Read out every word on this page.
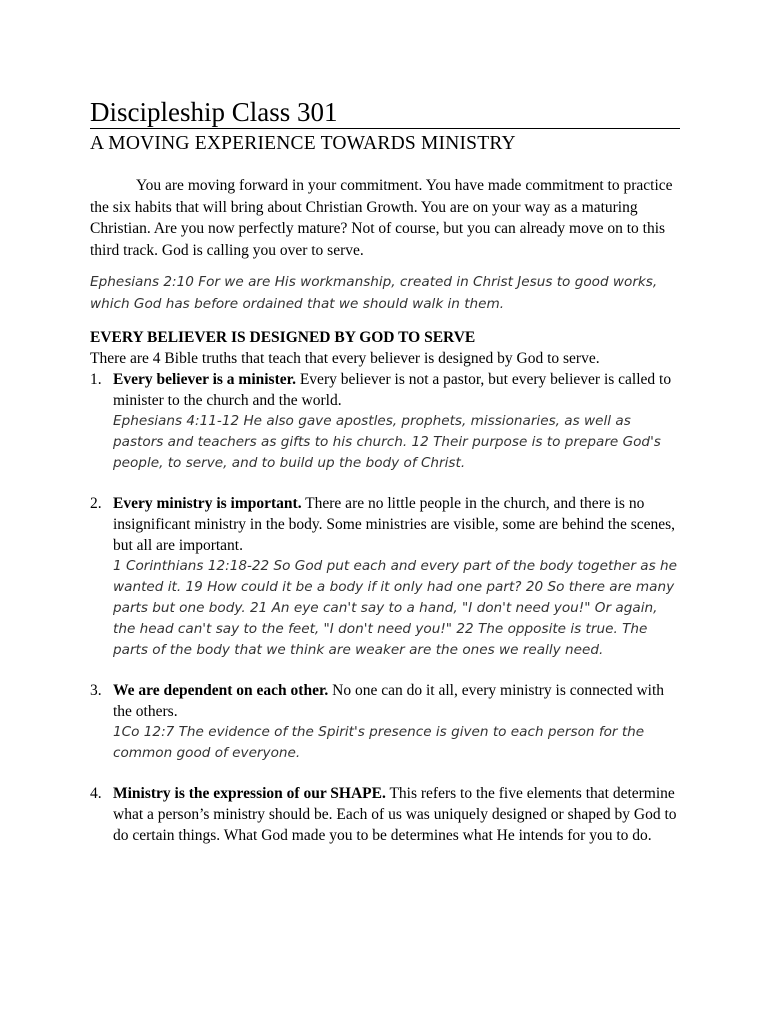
Discipleship Class 301
A MOVING EXPERIENCE TOWARDS MINISTRY

You are moving forward in your commitment. You have made commitment to practice the six habits that will bring about Christian Growth. You are on your way as a maturing Christian. Are you now perfectly mature? Not of course, but you can already move on to this third track. God is calling you over to serve.

Ephesians 2:10 For we are His workmanship, created in Christ Jesus to good works, which God has before ordained that we should walk in them.

EVERY BELIEVER IS DESIGNED BY GOD TO SERVE

There are 4 Bible truths that teach that every believer is designed by God to serve.

1. Every believer is a minister. Every believer is not a pastor, but every believer is called to minister to the church and the world.
Ephesians 4:11-12 He also gave apostles, prophets, missionaries, as well as pastors and teachers as gifts to his church. 12 Their purpose is to prepare God's people, to serve, and to build up the body of Christ.
2. Every ministry is important. There are no little people in the church, and there is no insignificant ministry in the body. Some ministries are visible, some are behind the scenes, but all are important.
1 Corinthians 12:18-22 So God put each and every part of the body together as he wanted it. 19 How could it be a body if it only had one part? 20 So there are many parts but one body. 21 An eye can't say to a hand, "I don't need you!" Or again, the head can't say to the feet, "I don't need you!" 22 The opposite is true. The parts of the body that we think are weaker are the ones we really need.
3. We are dependent on each other. No one can do it all, every ministry is connected with the others.
1Co 12:7 The evidence of the Spirit's presence is given to each person for the common good of everyone.
4. Ministry is the expression of our SHAPE. This refers to the five elements that determine what a person’s ministry should be. Each of us was uniquely designed or shaped by God to do certain things. What God made you to be determines what He intends for you to do.
